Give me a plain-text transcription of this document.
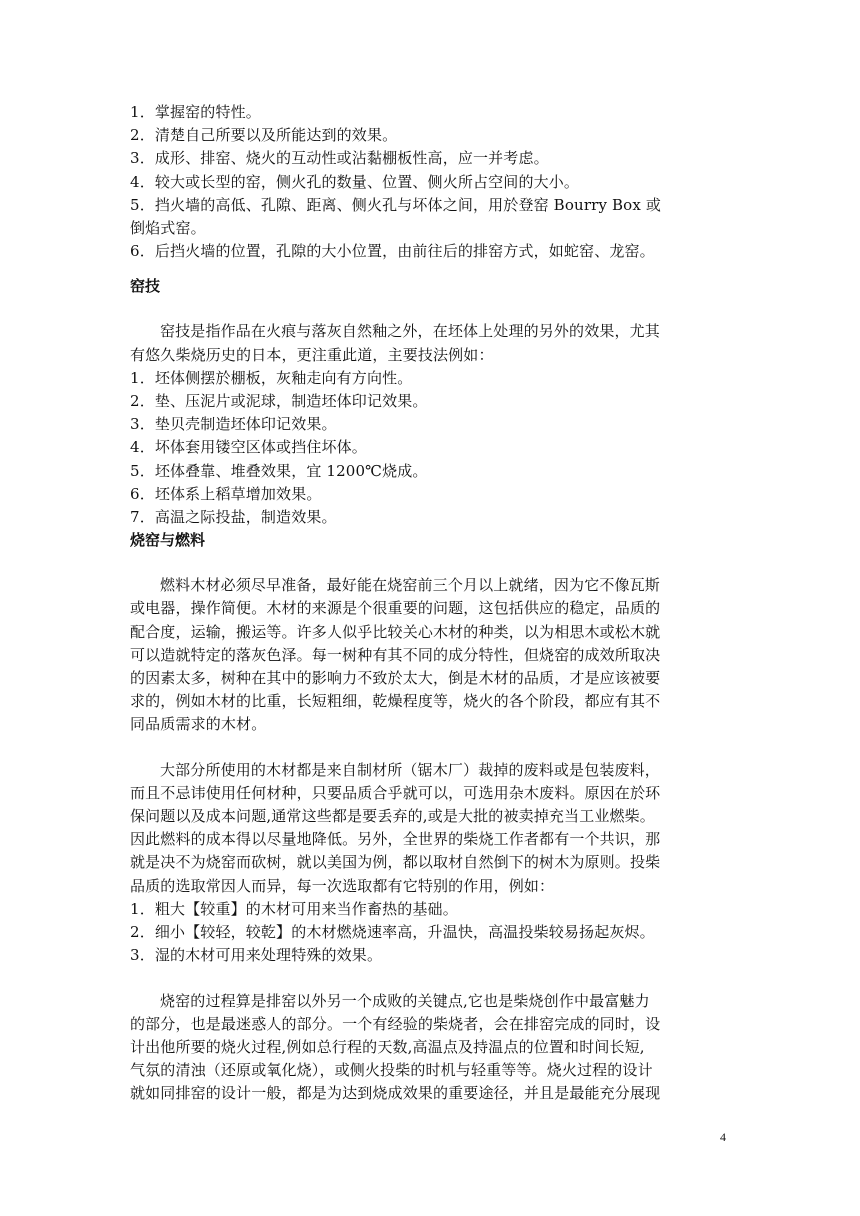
1．掌握窑的特性。
2．清楚自己所要以及所能达到的效果。
3．成形、排窑、烧火的互动性或沾黏棚板性高，应一并考虑。
4．较大或长型的窑，侧火孔的数量、位置、侧火所占空间的大小。
5．挡火墙的高低、孔隙、距离、侧火孔与坏体之间，用於登窑 Bourry Box 或
倒焰式窑。
6．后挡火墙的位置，孔隙的大小位置，由前往后的排窑方式，如蛇窑、龙窑。
窑技
窑技是指作品在火痕与落灰自然釉之外，在坯体上处理的另外的效果，尤其
有悠久柴烧历史的日本，更注重此道，主要技法例如：
1．坯体侧摆於棚板，灰釉走向有方向性。
2．垫、压泥片或泥球，制造坯体印记效果。
3．垫贝壳制造坯体印记效果。
4．坏体套用镂空区体或挡住坏体。
5．坯体叠靠、堆叠效果，宜 1200℃烧成。
6．坯体系上稻草增加效果。
7．高温之际投盐，制造效果。
烧窑与燃料
燃料木材必须尽早准备，最好能在烧窑前三个月以上就绪，因为它不像瓦斯
或电器，操作简便。木材的来源是个很重要的问题，这包括供应的稳定，品质的
配合度，运输，搬运等。许多人似乎比较关心木材的种类，以为相思木或松木就
可以造就特定的落灰色泽。每一树种有其不同的成分特性，但烧窑的成效所取决
的因素太多，树种在其中的影响力不致於太大，倒是木材的品质，才是应该被要
求的，例如木材的比重，长短粗细，乾燥程度等，烧火的各个阶段，都应有其不
同品质需求的木材。
大部分所使用的木材都是来自制材所（锯木厂）裁掉的废料或是包装废料，
而且不忌讳使用任何材种，只要品质合乎就可以，可选用杂木废料。原因在於环
保问题以及成本问题,通常这些都是要丢弃的,或是大批的被卖掉充当工业燃柴。
因此燃料的成本得以尽量地降低。另外，全世界的柴烧工作者都有一个共识，那
就是决不为烧窑而砍树，就以美国为例，都以取材自然倒下的树木为原则。投柴
品质的选取常因人而异，每一次选取都有它特别的作用，例如：
1．粗大【较重】的木材可用来当作畜热的基础。
2．细小【较轻，较乾】的木材燃烧速率高，升温快，高温投柴较易扬起灰烬。
3．湿的木材可用来处理特殊的效果。
烧窑的过程算是排窑以外另一个成败的关键点,它也是柴烧创作中最富魅力
的部分，也是最迷惑人的部分。一个有经验的柴烧者，会在排窑完成的同时，设
计出他所要的烧火过程,例如总行程的天数,高温点及持温点的位置和时间长短,
气氛的清浊（还原或氧化烧），或侧火投柴的时机与轻重等等。烧火过程的设计
就如同排窑的设计一般，都是为达到烧成效果的重要途径，并且是最能充分展现
4
